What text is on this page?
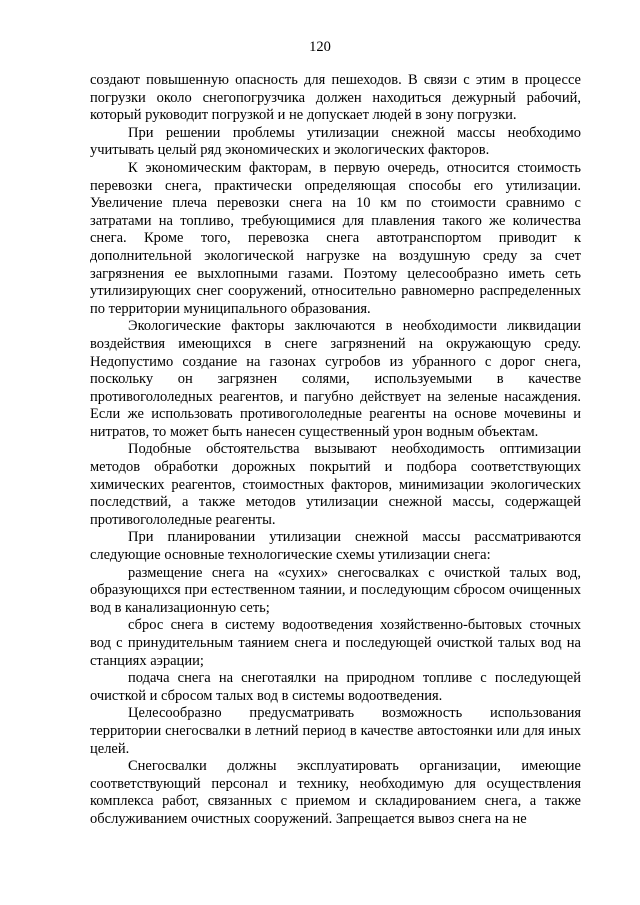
120

создают повышенную опасность для пешеходов. В связи с этим в процессе погрузки около снегопогрузчика должен находиться дежурный рабочий, который руководит погрузкой и не допускает людей в зону погрузки.

При решении проблемы утилизации снежной массы необходимо учитывать целый ряд экономических и экологических факторов.

К экономическим факторам, в первую очередь, относится стоимость перевозки снега, практически определяющая способы его утилизации. Увеличение плеча перевозки снега на 10 км по стоимости сравнимо с затратами на топливо, требующимися для плавления такого же количества снега. Кроме того, перевозка снега автотранспортом приводит к дополнительной экологической нагрузке на воздушную среду за счет загрязнения ее выхлопными газами. Поэтому целесообразно иметь сеть утилизирующих снег сооружений, относительно равномерно распределенных по территории муниципального образования.

Экологические факторы заключаются в необходимости ликвидации воздействия имеющихся в снеге загрязнений на окружающую среду. Недопустимо создание на газонах сугробов из убранного с дорог снега, поскольку он загрязнен солями, используемыми в качестве противогололедных реагентов, и пагубно действует на зеленые насаждения. Если же использовать противогололедные реагенты на основе мочевины и нитратов, то может быть нанесен существенный урон водным объектам.

Подобные обстоятельства вызывают необходимость оптимизации методов обработки дорожных покрытий и подбора соответствующих химических реагентов, стоимостных факторов, минимизации экологических последствий, а также методов утилизации снежной массы, содержащей противогололедные реагенты.

При планировании утилизации снежной массы рассматриваются следующие основные технологические схемы утилизации снега:

размещение снега на «сухих» снегосвалках с очисткой талых вод, образующихся при естественном таянии, и последующим сбросом очищенных вод в канализационную сеть;

сброс снега в систему водоотведения хозяйственно-бытовых сточных вод с принудительным таянием снега и последующей очисткой талых вод на станциях аэрации;

подача снега на снеготаялки на природном топливе с последующей очисткой и сбросом талых вод в системы водоотведения.

Целесообразно предусматривать возможность использования территории снегосвалки в летний период в качестве автостоянки или для иных целей.

Снегосвалки должны эксплуатировать организации, имеющие соответствующий персонал и технику, необходимую для осуществления комплекса работ, связанных с приемом и складированием снега, а также обслуживанием очистных сооружений. Запрещается вывоз снега на не
